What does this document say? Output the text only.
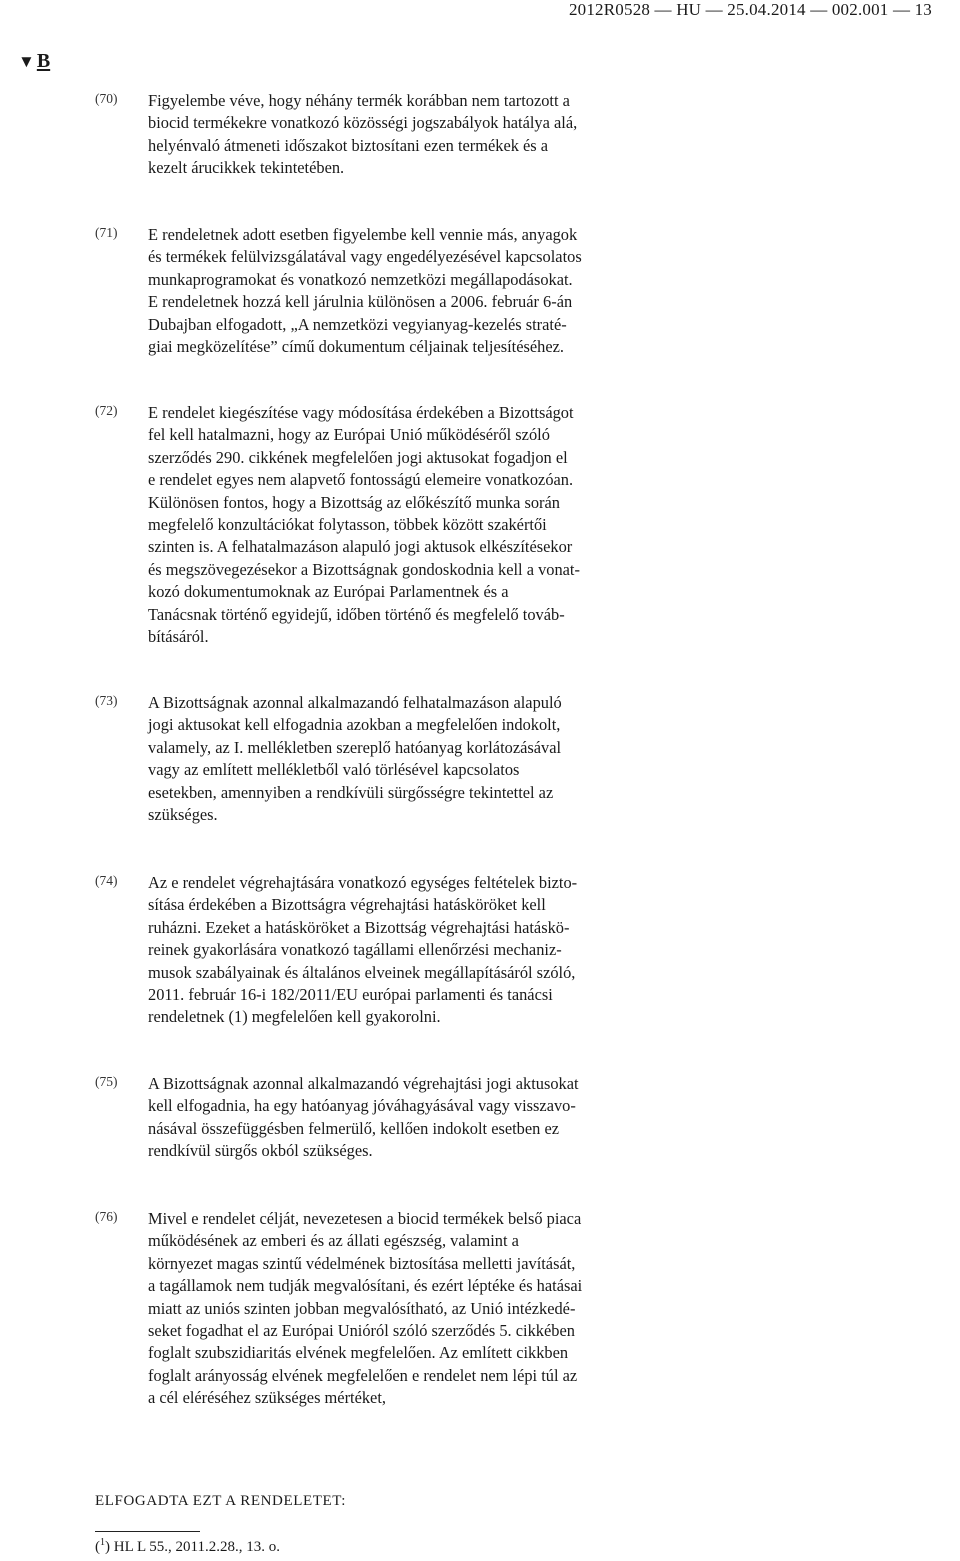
2012R0528 — HU — 25.04.2014 — 002.001 — 13
▼ B
(70) Figyelembe véve, hogy néhány termék korábban nem tartozott a
biocid termékekre vonatkozó közösségi jogszabályok hatálya alá,
helyénvaló átmeneti időszakot biztosítani ezen termékek és a
kezelt árucikkek tekintetében.
(71) E rendeletnek adott esetben figyelembe kell vennie más, anyagok
és termékek felülvizsgálatával vagy engedélyezésével kapcsolatos
munkaprogramokat és vonatkozó nemzetközi megállapodásokat.
E rendeletnek hozzá kell járulnia különösen a 2006. február 6-án
Dubajban elfogadott, „A nemzetközi vegyianyag-kezelés straté-
giai megközelítése” című dokumentum céljainak teljesítéséhez.
(72) E rendelet kiegészítése vagy módosítása érdekében a Bizottságot
fel kell hatalmazni, hogy az Európai Unió működéséről szóló
szerződés 290. cikkének megfelelően jogi aktusokat fogadjon el
e rendelet egyes nem alapvető fontosságú elemeire vonatkozóan.
Különösen fontos, hogy a Bizottság az előkészítő munka során
megfelelő konzultációkat folytasson, többek között szakértői
szinten is. A felhatalmazáson alapuló jogi aktusok elkészítésekor
és megszövegezésekor a Bizottságnak gondoskodnia kell a vonat-
kozó dokumentumoknak az Európai Parlamentnek és a
Tanácsnak történő egyidejű, időben történő és megfelelő továb-
bításáról.
(73) A Bizottságnak azonnal alkalmazandó felhatalmazáson alapuló
jogi aktusokat kell elfogadnia azokban a megfelelően indokolt,
valamely, az I. mellékletben szereplő hatóanyag korlátozásával
vagy az említett mellékletből való törlésével kapcsolatos
esetekben, amennyiben a rendkívüli sürgősségre tekintettel az
szükséges.
(74) Az e rendelet végrehajtására vonatkozó egységes feltételek bizto-
sítása érdekében a Bizottságra végrehajtási hatásköröket kell
ruházni. Ezeket a hatásköröket a Bizottság végrehajtási hatáskö-
reinek gyakorlására vonatkozó tagállami ellenőrzési mechaniz-
musok szabályainak és általános elveinek megállapításáról szóló,
2011. február 16-i 182/2011/EU európai parlamenti és tanácsi
rendeletnek (1) megfelelően kell gyakorolni.
(75) A Bizottságnak azonnal alkalmazandó végrehajtási jogi aktusokat
kell elfogadnia, ha egy hatóanyag jóváhagyásával vagy visszavo-
násával összefüggésben felmerülő, kellően indokolt esetben ez
rendkívül sürgős okból szükséges.
(76) Mivel e rendelet célját, nevezetesen a biocid termékek belső piaca
működésének az emberi és az állati egészség, valamint a
környezet magas szintű védelmének biztosítása melletti javítását,
a tagállamok nem tudják megvalósítani, és ezért léptéke és hatásai
miatt az uniós szinten jobban megvalósítható, az Unió intézkedé-
seket fogadhat el az Európai Unióról szóló szerződés 5. cikkében
foglalt szubszidiaritás elvének megfelelően. Az említett cikkben
foglalt arányosság elvének megfelelően e rendelet nem lépi túl az
a cél eléréséhez szükséges mértéket,
ELFOGADTA EZT A RENDELETET:
($^1$) HL L 55., 2011.2.28., 13. o.
